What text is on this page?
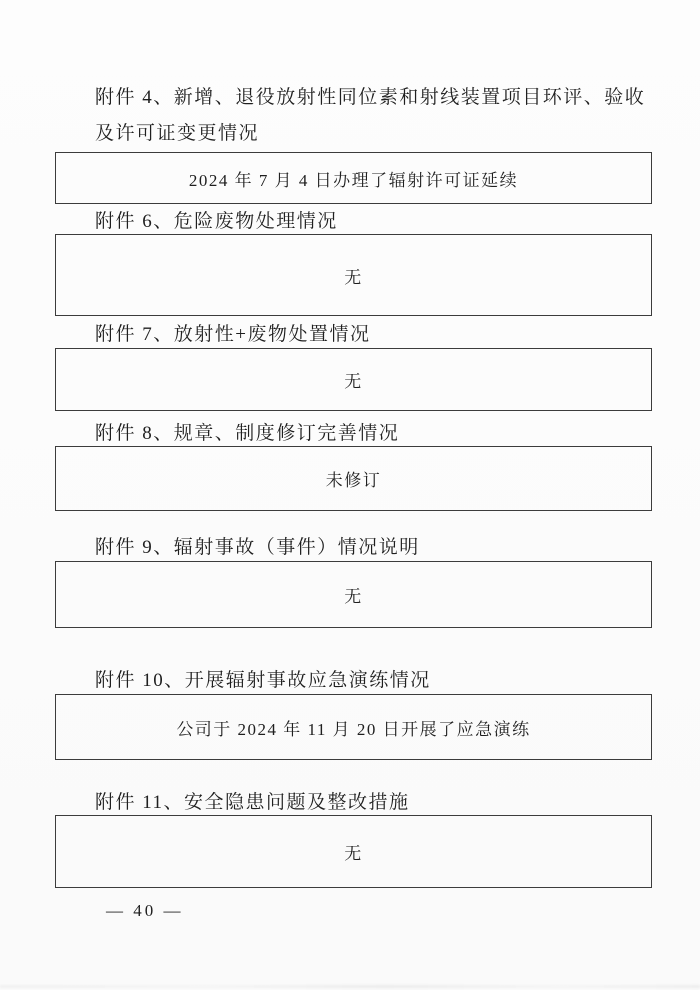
附件 4、新增、退役放射性同位素和射线装置项目环评、验收
及许可证变更情况
2024 年 7 月 4 日办理了辐射许可证延续
附件 6、危险废物处理情况
无
附件 7、放射性+废物处置情况
无
附件 8、规章、制度修订完善情况
未修订
附件 9、辐射事故（事件）情况说明
无
附件 10、开展辐射事故应急演练情况
公司于 2024 年 11 月 20 日开展了应急演练
附件 11、安全隐患问题及整改措施
无
— 40 —
